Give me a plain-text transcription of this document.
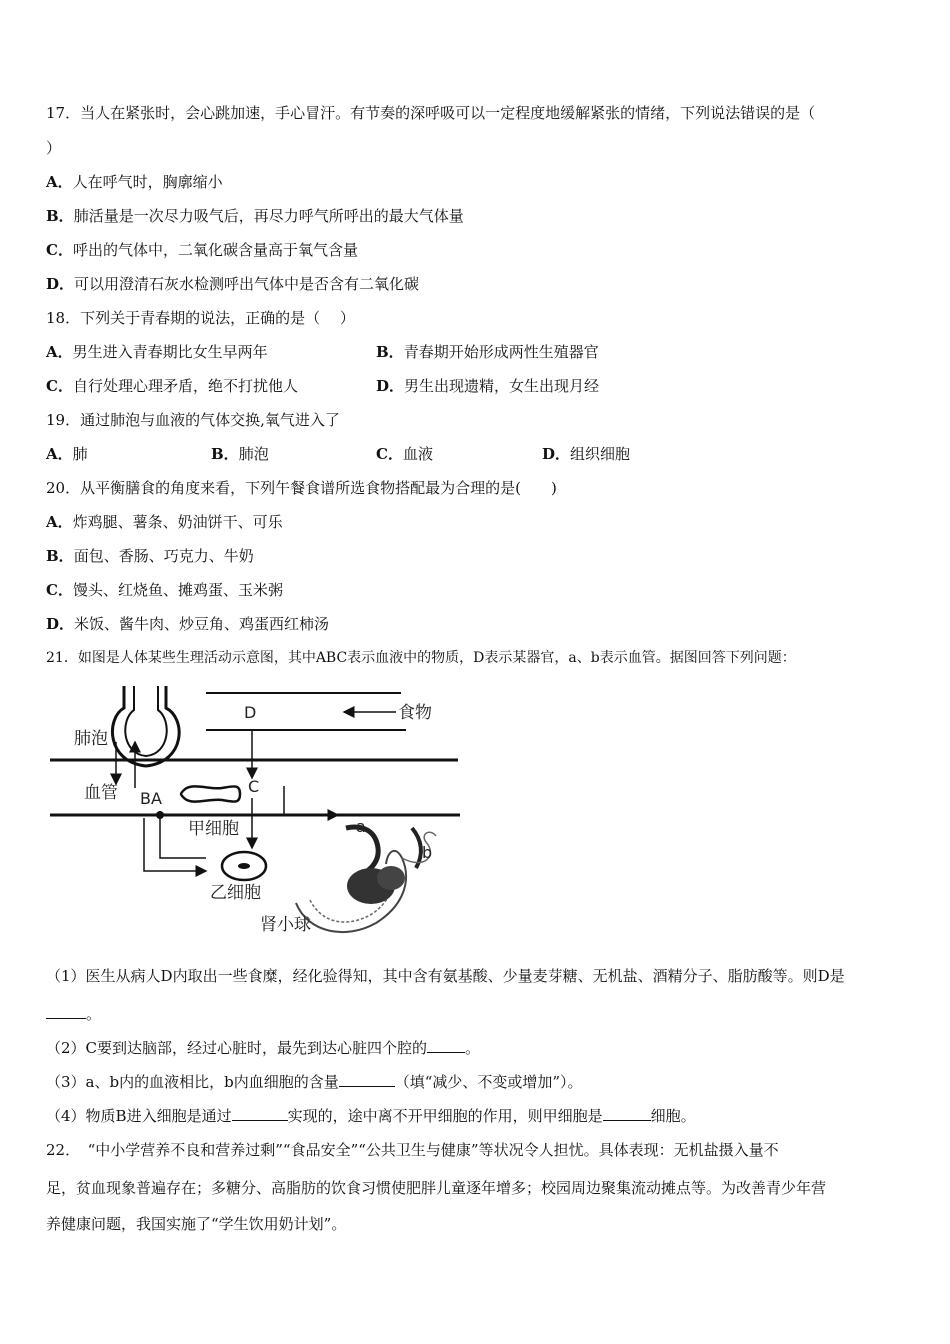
17．当人在紧张时，会心跳加速，手心冒汗。有节奏的深呼吸可以一定程度地缓解紧张的情绪，下列说法错误的是（
）
A．人在呼气时，胸廓缩小
B．肺活量是一次尽力吸气后，再尽力呼气所呼出的最大气体量
C．呼出的气体中，二氧化碳含量高于氧气含量
D．可以用澄清石灰水检测呼出气体中是否含有二氧化碳
18．下列关于青春期的说法，正确的是（　 ）
A．男生进入青春期比女生早两年	B．青春期开始形成两性生殖器官
C．自行处理心理矛盾，绝不打扰他人	D．男生出现遗精，女生出现月经
19．通过肺泡与血液的气体交换,氧气进入了
A．肺	B．肺泡	C．血液	D．组织细胞
20．从平衡膳食的角度来看，下列午餐食谱所选食物搭配最为合理的是(　　)
A．炸鸡腿、薯条、奶油饼干、可乐
B．面包、香肠、巧克力、牛奶
C．馒头、红烧鱼、摊鸡蛋、玉米粥
D．米饭、酱牛肉、炒豆角、鸡蛋西红柿汤
21．如图是人体某些生理活动示意图，其中ABC表示血液中的物质，D表示某器官，a、b表示血管。据图回答下列问题：
肺泡
血管
食物
D
C
BA
a
b
甲细胞
乙细胞
肾小球
（1）医生从病人D内取出一些食糜，经化验得知，其中含有氨基酸、少量麦芽糖、无机盐、酒精分子、脂肪酸等。则D是
。
（2）C要到达脑部，经过心脏时，最先到达心脏四个腔的	。
（3）a、b内的血液相比，b内血细胞的含量	（填“减少、不变或增加”）。
（4）物质B进入细胞是通过	实现的，途中离不开甲细胞的作用，则甲细胞是	细胞。
22．　“中小学营养不良和营养过剩”“食品安全”“公共卫生与健康”等状况令人担忧。具体表现：无机盐摄入量不
足，贫血现象普遍存在；多糖分、高脂肪的饮食习惯使肥胖儿童逐年增多；校园周边聚集流动摊点等。为改善青少年营
养健康问题，我国实施了“学生饮用奶计划”。
